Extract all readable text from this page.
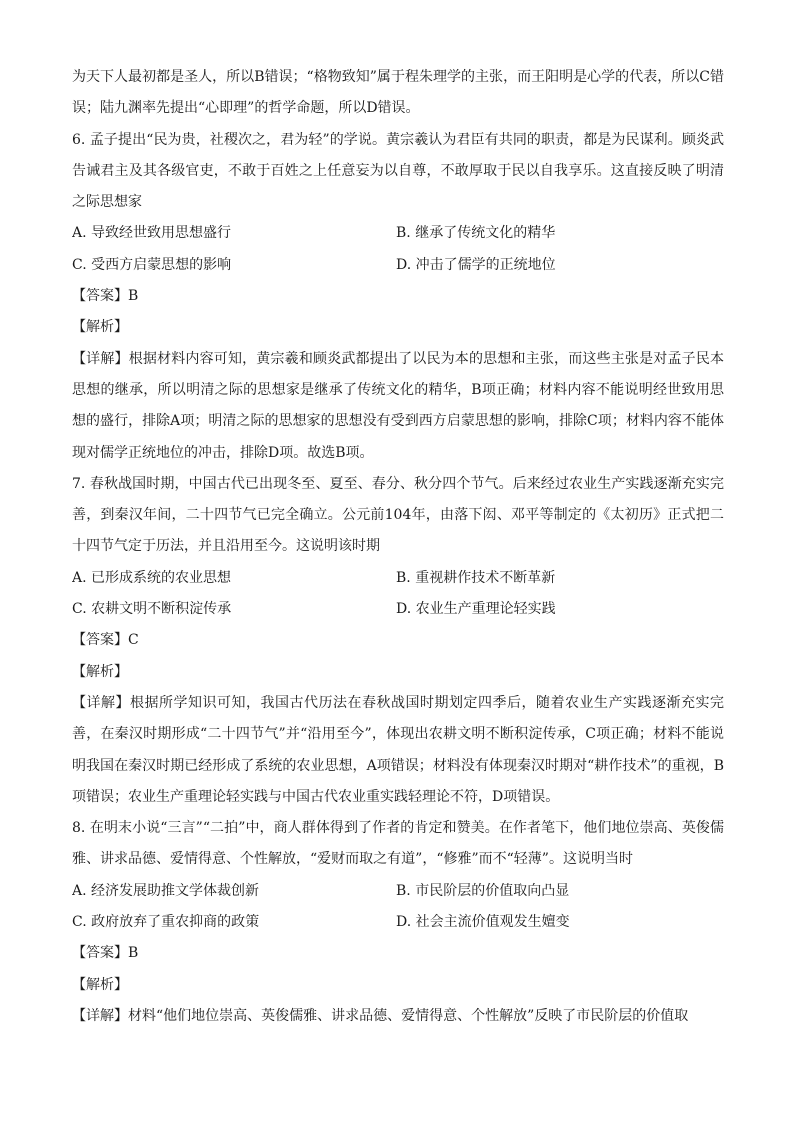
为天下人最初都是圣人，所以B错误；“格物致知”属于程朱理学的主张，而王阳明是心学的代表，所以C错误；陆九渊率先提出“心即理”的哲学命题，所以D错误。
6. 孟子提出“民为贵，社稷次之，君为轻”的学说。黄宗羲认为君臣有共同的职责，都是为民谋利。顾炎武告诫君主及其各级官吏，不敢于百姓之上任意妄为以自尊，不敢厚取于民以自我享乐。这直接反映了明清之际思想家
A. 导致经世致用思想盛行	B. 继承了传统文化的精华
C. 受西方启蒙思想的影响	D. 冲击了儒学的正统地位
【答案】B
【解析】
【详解】根据材料内容可知，黄宗羲和顾炎武都提出了以民为本的思想和主张，而这些主张是对孟子民本思想的继承，所以明清之际的思想家是继承了传统文化的精华，B项正确；材料内容不能说明经世致用思想的盛行，排除A项；明清之际的思想家的思想没有受到西方启蒙思想的影响，排除C项；材料内容不能体现对儒学正统地位的冲击，排除D项。故选B项。
7. 春秋战国时期，中国古代已出现冬至、夏至、春分、秋分四个节气。后来经过农业生产实践逐渐充实完善，到秦汉年间，二十四节气已完全确立。公元前104年，由落下闳、邓平等制定的《太初历》正式把二十四节气定于历法，并且沿用至今。这说明该时期
A. 已形成系统的农业思想	B. 重视耕作技术不断革新
C. 农耕文明不断积淀传承	D. 农业生产重理论轻实践
【答案】C
【解析】
【详解】根据所学知识可知，我国古代历法在春秋战国时期划定四季后，随着农业生产实践逐渐充实完善，在秦汉时期形成“二十四节气”并“沿用至今”，体现出农耕文明不断积淀传承，C项正确；材料不能说明我国在秦汉时期已经形成了系统的农业思想，A项错误；材料没有体现秦汉时期对“耕作技术”的重视，B项错误；农业生产重理论轻实践与中国古代农业重实践轻理论不符，D项错误。
8. 在明末小说“三言”“二拍”中，商人群体得到了作者的肯定和赞美。在作者笔下，他们地位崇高、英俊儒雅、讲求品德、爱情得意、个性解放，“爱财而取之有道”，“修雅”而不“轻薄”。这说明当时
A. 经济发展助推文学体裁创新	B. 市民阶层的价值取向凸显
C. 政府放弃了重农抑商的政策	D. 社会主流价值观发生嬗变
【答案】B
【解析】
【详解】材料“他们地位崇高、英俊儒雅、讲求品德、爱情得意、个性解放”反映了市民阶层的价值取
